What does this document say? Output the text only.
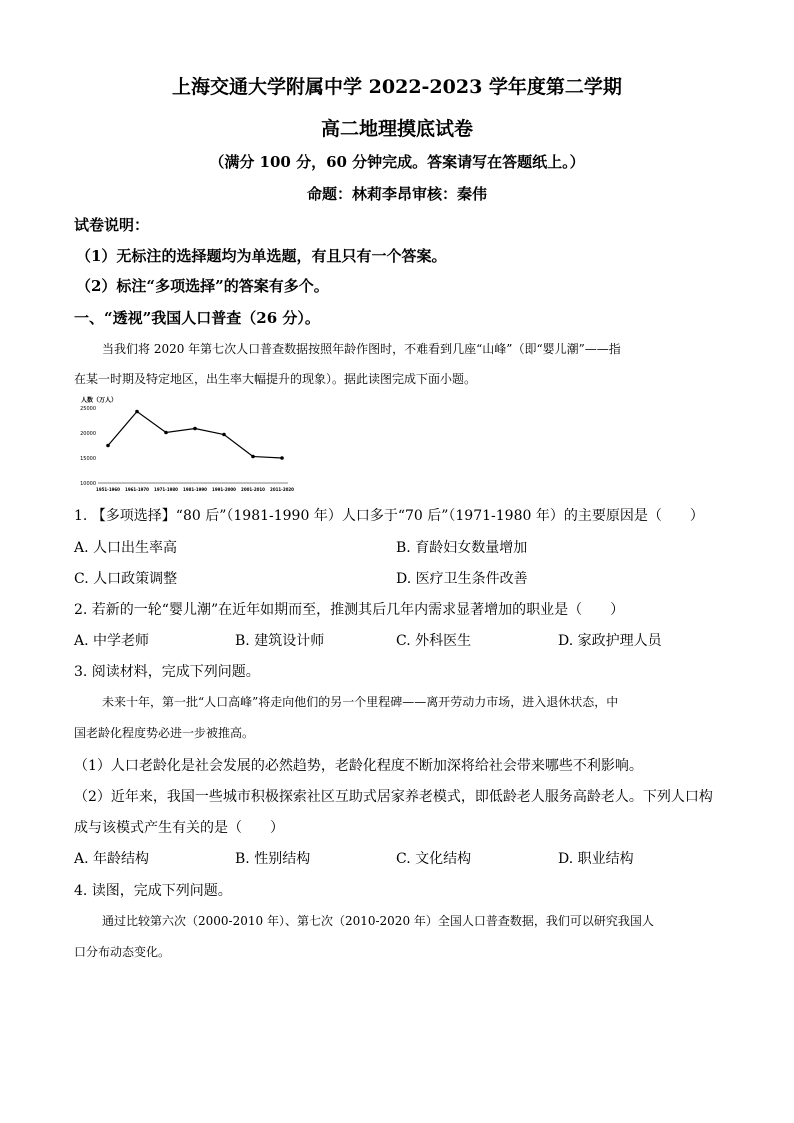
上海交通大学附属中学 2022-2023 学年度第二学期
高二地理摸底试卷
（满分 100 分，60 分钟完成。答案请写在答题纸上。）
命题：林莉李昂审核：秦伟
试卷说明：
（1）无标注的选择题均为单选题，有且只有一个答案。
（2）标注“多项选择”的答案有多个。
一、“透视”我国人口普查（26 分）。
当我们将 2020 年第七次人口普查数据按照年龄作图时，不难看到几座“山峰”（即“婴儿潮”——指
在某一时期及特定地区，出生率大幅提升的现象）。据此读图完成下面小题。
人数（万人）
25000
20000
15000
10000
1951-1960 1961-1970 1971-1980 1981-1990 1991-2000 2001-2010 2011-2020
1. 【多项选择】“80 后”（1981-1990 年）人口多于“70 后”（1971-1980 年）的主要原因是（　　）
A. 人口出生率高	B. 育龄妇女数量增加
C. 人口政策调整	D. 医疗卫生条件改善
2. 若新的一轮“婴儿潮”在近年如期而至，推测其后几年内需求显著增加的职业是（　　）
A. 中学老师	B. 建筑设计师	C. 外科医生	D. 家政护理人员
3. 阅读材料，完成下列问题。
未来十年，第一批“人口高峰”将走向他们的另一个里程碑——离开劳动力市场，进入退休状态，中
国老龄化程度势必进一步被推高。
（1）人口老龄化是社会发展的必然趋势，老龄化程度不断加深将给社会带来哪些不利影响。
（2）近年来，我国一些城市积极探索社区互助式居家养老模式，即低龄老人服务高龄老人。下列人口构
成与该模式产生有关的是（　　）
A. 年龄结构	B. 性别结构	C. 文化结构	D. 职业结构
4. 读图，完成下列问题。
通过比较第六次（2000-2010 年）、第七次（2010-2020 年）全国人口普查数据，我们可以研究我国人
口分布动态变化。
